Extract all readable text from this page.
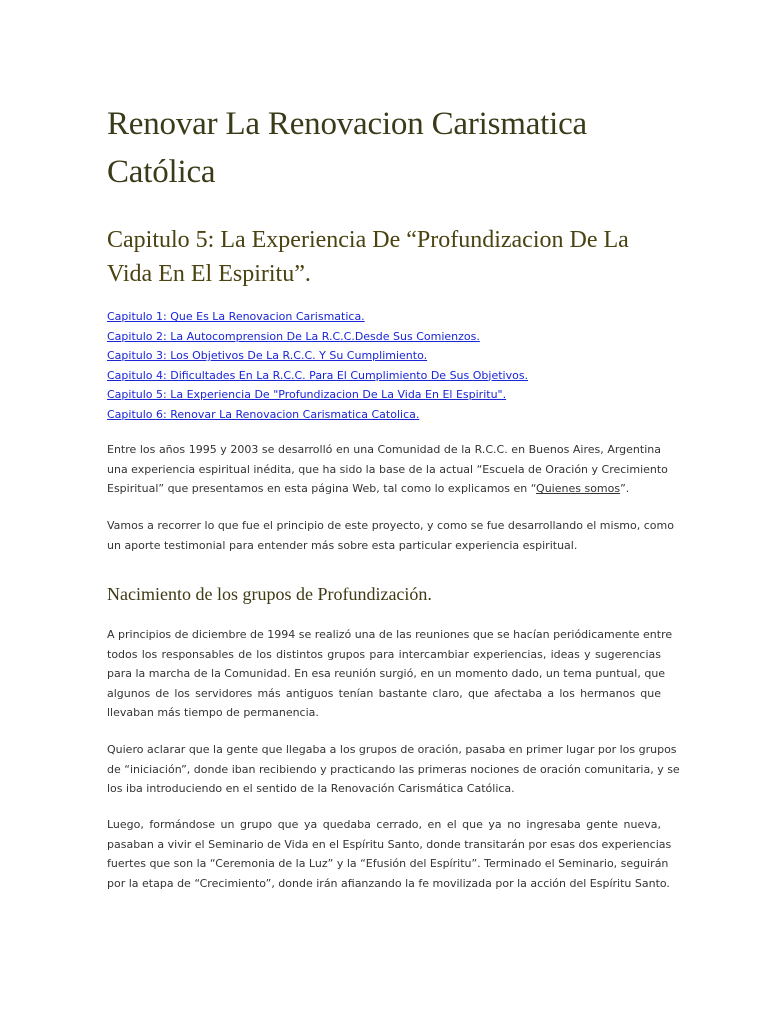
Renovar La Renovacion Carismatica Católica
Capitulo 5: La Experiencia De “Profundizacion De La Vida En El Espiritu”.
Capitulo 1: Que Es La Renovacion Carismatica.
Capitulo 2: La Autocomprension De La R.C.C.Desde Sus Comienzos.
Capitulo 3: Los Objetivos De La R.C.C. Y Su Cumplimiento.
Capitulo 4: Dificultades En La R.C.C. Para El Cumplimiento De Sus Objetivos.
Capitulo 5: La Experiencia De "Profundizacion De La Vida En El Espiritu".
Capitulo 6: Renovar La Renovacion Carismatica Catolica.
Entre los años 1995 y 2003 se desarrolló en una Comunidad de la R.C.C. en Buenos Aires, Argentina
una experiencia espiritual inédita, que ha sido la base de la actual “Escuela de Oración y Crecimiento
Espiritual” que presentamos en esta página Web, tal como lo explicamos en “Quienes somos”.
Vamos a recorrer lo que fue el principio de este proyecto, y como se fue desarrollando el mismo, como
un aporte testimonial para entender más sobre esta particular experiencia espiritual.
Nacimiento de los grupos de Profundización.
A principios de diciembre de 1994 se realizó una de las reuniones que se hacían periódicamente entre
todos los responsables de los distintos grupos para intercambiar experiencias, ideas y sugerencias
para la marcha de la Comunidad. En esa reunión surgió, en un momento dado, un tema puntual, que
algunos de los servidores más antiguos tenían bastante claro, que afectaba a los hermanos que
llevaban más tiempo de permanencia.
Quiero aclarar que la gente que llegaba a los grupos de oración, pasaba en primer lugar por los grupos
de “iniciación”, donde iban recibiendo y practicando las primeras nociones de oración comunitaria, y se
los iba introduciendo en el sentido de la Renovación Carismática Católica.
Luego, formándose un grupo que ya quedaba cerrado, en el que ya no ingresaba gente nueva,
pasaban a vivir el Seminario de Vida en el Espíritu Santo, donde transitarán por esas dos experiencias
fuertes que son la “Ceremonia de la Luz” y la “Efusión del Espíritu”. Terminado el Seminario, seguirán
por la etapa de “Crecimiento”, donde irán afianzando la fe movilizada por la acción del Espíritu Santo.
